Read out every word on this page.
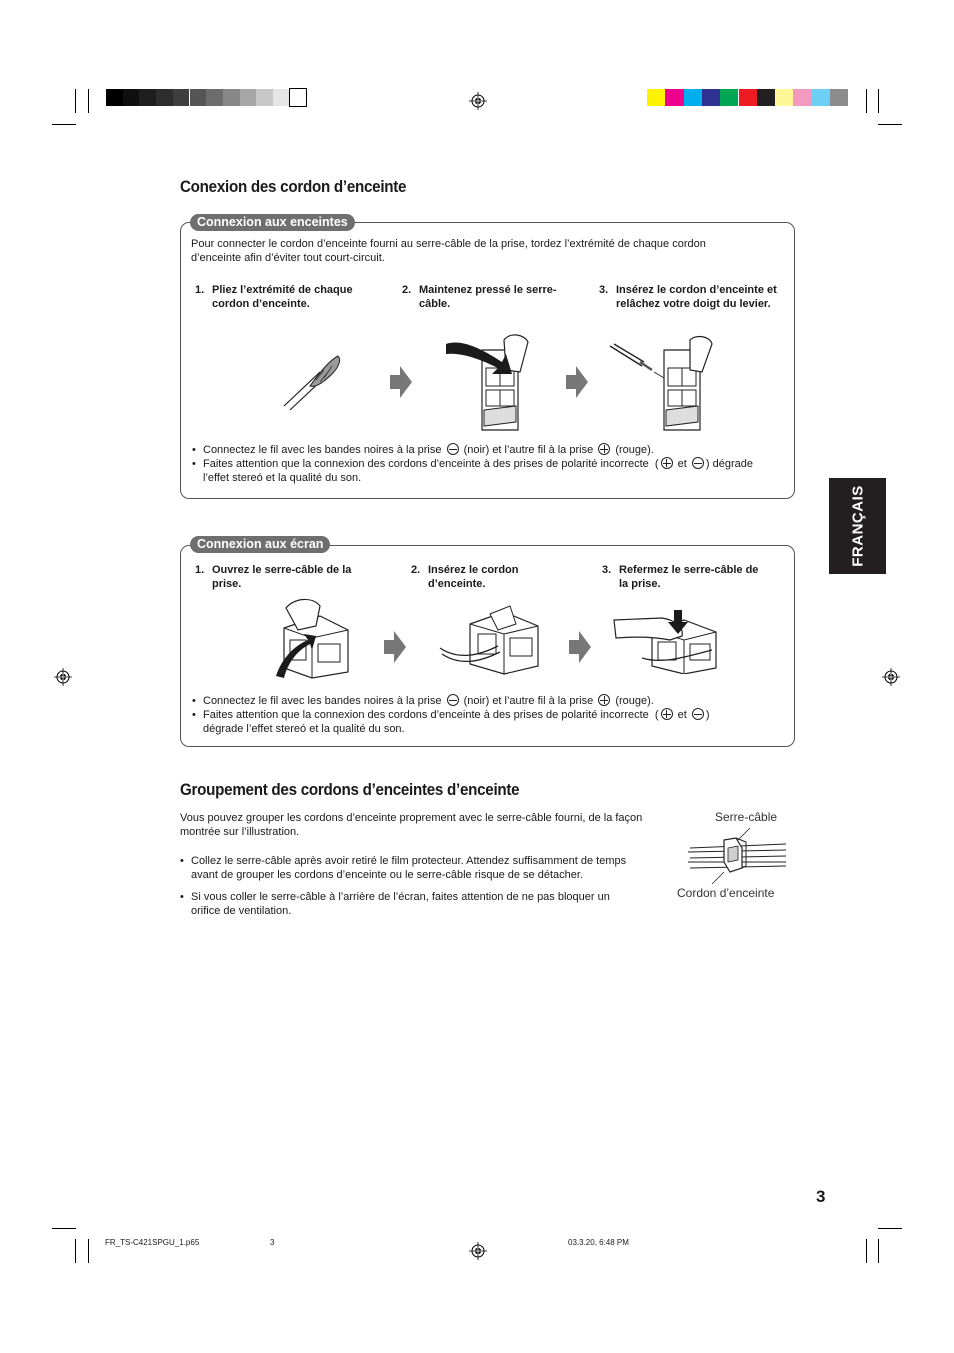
Conexion des cordon d’enceinte
Connexion aux enceintes
Pour connecter le cordon d’enceinte fourni au serre-câble de la prise, tordez l’extrémité de chaque cordon
d’enceinte afin d’éviter tout court-circuit.
1. Pliez l’extrémité de chaque
cordon d’enceinte.
2. Maintenez pressé le serre-
câble.
3. Insérez le cordon d’enceinte et
relâchez votre doigt du levier.
• Connectez le fil avec les bandes noires à la prise (noir) et l’autre fil à la prise (rouge).
• Faites attention que la connexion des cordons d’enceinte à des prises de polarité incorrecte ( et ) dégrade
l’effet stereó et la qualité du son.
Connexion aux écran
1. Ouvrez le serre-câble de la
prise.
2. Insérez le cordon
d’enceinte.
3. Refermez le serre-câble de
la prise.
• Connectez le fil avec les bandes noires à la prise (noir) et l’autre fil à la prise (rouge).
• Faites attention que la connexion des cordons d’enceinte à des prises de polarité incorrecte ( et )
dégrade l’effet stereó et la qualité du son.
Groupement des cordons d’enceintes d’enceinte
Vous pouvez grouper les cordons d’enceinte proprement avec le serre-câble fourni, de la façon
montrée sur l’illustration.
• Collez le serre-câble après avoir retiré le film protecteur. Attendez suffisamment de temps
avant de grouper les cordons d’enceinte ou le serre-câble risque de se détacher.
• Si vous coller le serre-câble à l’arrière de l’écran, faites attention de ne pas bloquer un
orifice de ventilation.
Serre-câble
Cordon d’enceinte
FRANÇAIS
3
FR_TS-C421SPGU_1.p65	3	03.3.20, 6:48 PM
